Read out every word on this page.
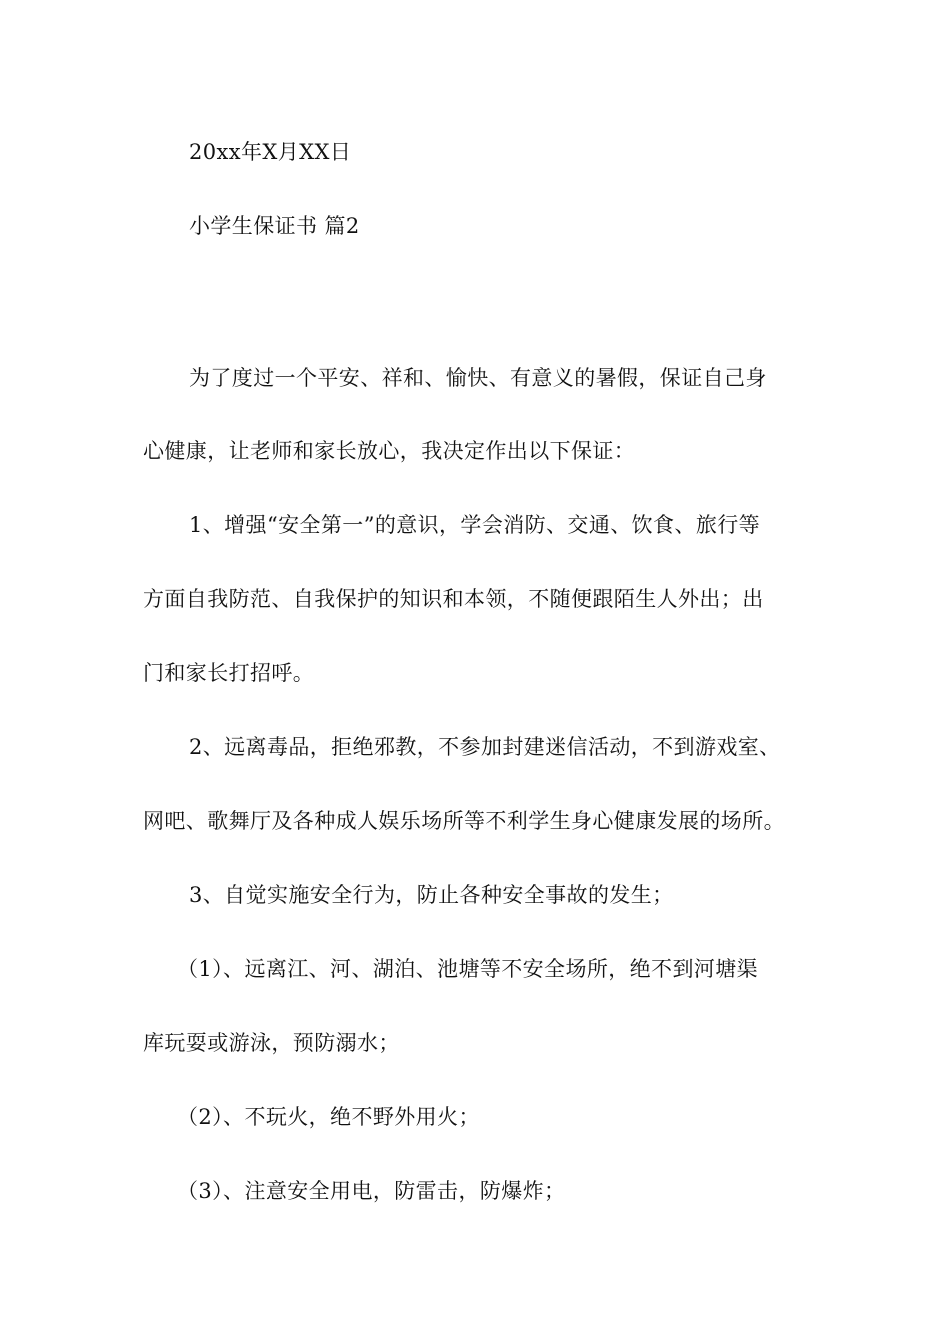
20xx年X月XX日
小学生保证书 篇2
为了度过一个平安、祥和、愉快、有意义的暑假，保证自己身
心健康，让老师和家长放心，我决定作出以下保证：
1、增强“安全第一”的意识，学会消防、交通、饮食、旅行等
方面自我防范、自我保护的知识和本领，不随便跟陌生人外出；出
门和家长打招呼。
2、远离毒品，拒绝邪教，不参加封建迷信活动，不到游戏室、
网吧、歌舞厅及各种成人娱乐场所等不利学生身心健康发展的场所。
3、自觉实施安全行为，防止各种安全事故的发生；
（1）、远离江、河、湖泊、池塘等不安全场所，绝不到河塘渠
库玩耍或游泳，预防溺水；
（2）、不玩火，绝不野外用火；
（3）、注意安全用电，防雷击，防爆炸；
